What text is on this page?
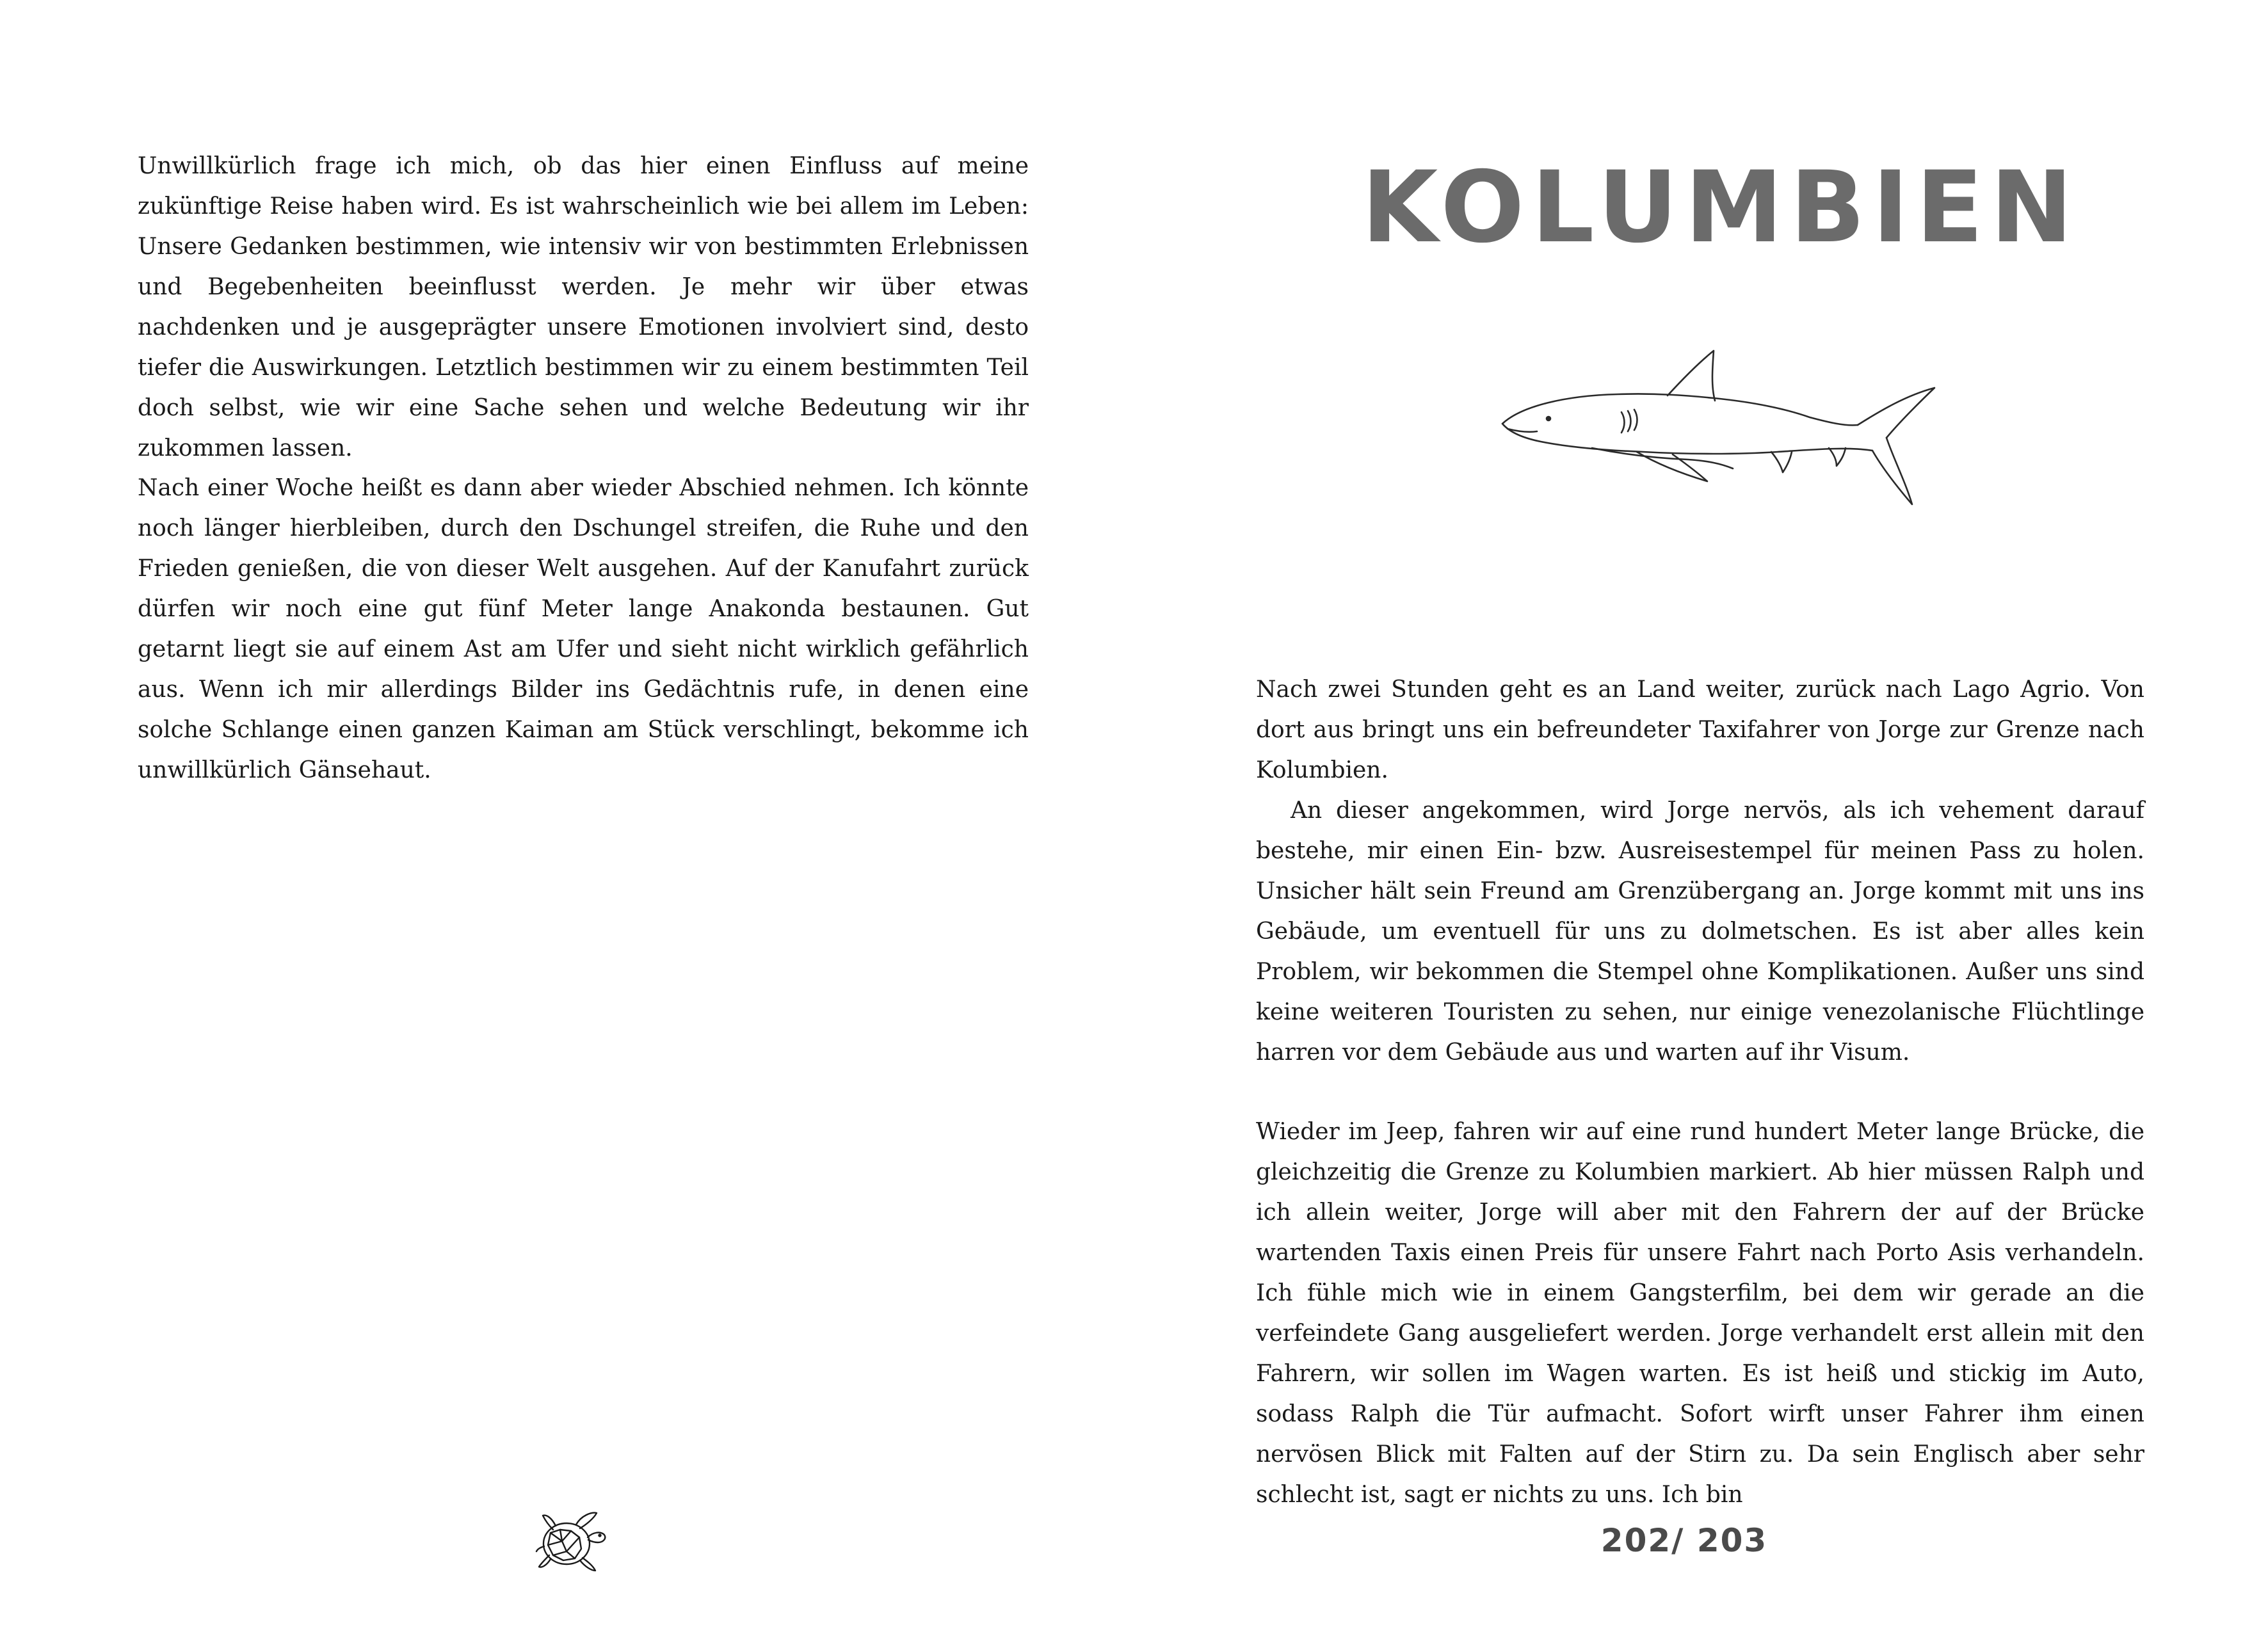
Unwillkürlich frage ich mich, ob das hier einen Einfluss auf meine zukünftige Reise haben wird. Es ist wahrscheinlich wie bei allem im Leben: Unsere Gedanken bestimmen, wie intensiv wir von bestimmten Erlebnissen und Begebenheiten beeinflusst werden. Je mehr wir über etwas nachdenken und je ausgeprägter unsere Emotionen involviert sind, desto tiefer die Auswirkungen. Letztlich bestimmen wir zu einem bestimmten Teil doch selbst, wie wir eine Sache sehen und welche Bedeutung wir ihr zukommen lassen.

Nach einer Woche heißt es dann aber wieder Abschied nehmen. Ich könnte noch länger hierbleiben, durch den Dschungel streifen, die Ruhe und den Frieden genießen, die von dieser Welt ausgehen. Auf der Kanufahrt zurück dürfen wir noch eine gut fünf Meter lange Anakonda bestaunen. Gut getarnt liegt sie auf einem Ast am Ufer und sieht nicht wirklich gefährlich aus. Wenn ich mir allerdings Bilder ins Gedächtnis rufe, in denen eine solche Schlange einen ganzen Kaiman am Stück verschlingt, bekomme ich unwillkürlich Gänsehaut.

KOLUMBIEN

Nach zwei Stunden geht es an Land weiter, zurück nach Lago Agrio. Von dort aus bringt uns ein befreundeter Taxifahrer von Jorge zur Grenze nach Kolumbien.

An dieser angekommen, wird Jorge nervös, als ich vehement darauf bestehe, mir einen Ein- bzw. Ausreisestempel für meinen Pass zu holen. Unsicher hält sein Freund am Grenzübergang an. Jorge kommt mit uns ins Gebäude, um eventuell für uns zu dolmetschen. Es ist aber alles kein Problem, wir bekommen die Stempel ohne Komplikationen. Außer uns sind keine weiteren Touristen zu sehen, nur einige venezolanische Flüchtlinge harren vor dem Gebäude aus und warten auf ihr Visum.

Wieder im Jeep, fahren wir auf eine rund hundert Meter lange Brücke, die gleichzeitig die Grenze zu Kolumbien markiert. Ab hier müssen Ralph und ich allein weiter, Jorge will aber mit den Fahrern der auf der Brücke wartenden Taxis einen Preis für unsere Fahrt nach Porto Asis verhandeln. Ich fühle mich wie in einem Gangsterfilm, bei dem wir gerade an die verfeindete Gang ausgeliefert werden. Jorge verhandelt erst allein mit den Fahrern, wir sollen im Wagen warten. Es ist heiß und stickig im Auto, sodass Ralph die Tür aufmacht. Sofort wirft unser Fahrer ihm einen nervösen Blick mit Falten auf der Stirn zu. Da sein Englisch aber sehr schlecht ist, sagt er nichts zu uns. Ich bin

202/ 203
